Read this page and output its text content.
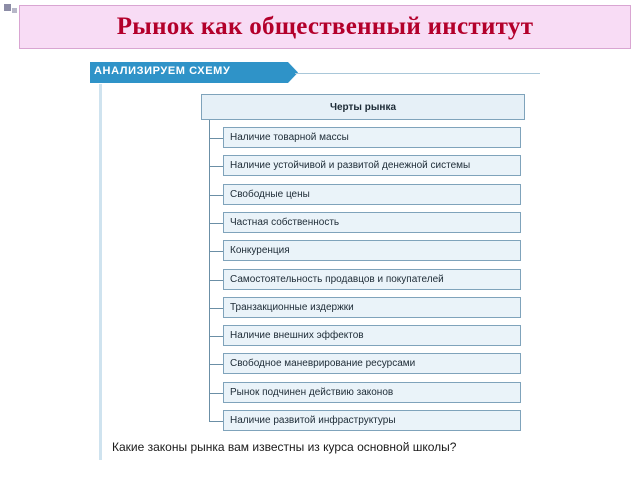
Рынок как общественный институт
АНАЛИЗИРУЕМ СХЕМУ
Черты рынка
Наличие товарной массы
Наличие устойчивой и развитой денежной системы
Свободные цены
Частная собственность
Конкуренция
Самостоятельность продавцов и покупателей
Транзакционные издержки
Наличие внешних эффектов
Свободное маневрирование ресурсами
Рынок подчинен действию законов
Наличие развитой инфраструктуры
Какие законы рынка вам известны из курса основной школы?
